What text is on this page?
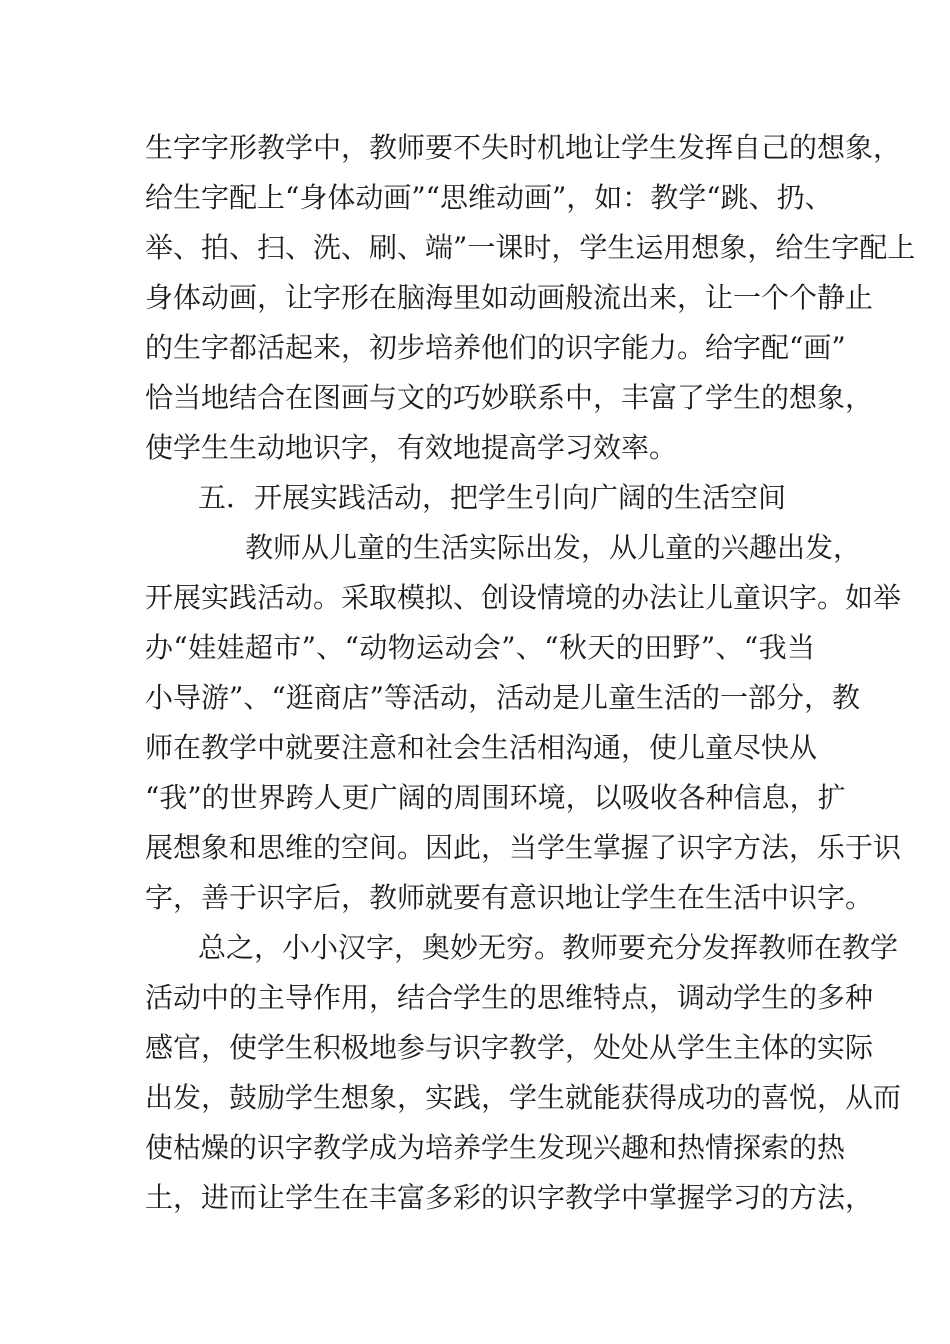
生字字形教学中，教师要不失时机地让学生发挥自己的想象，
给生字配上“身体动画”“思维动画”，如：教学“跳、扔、
举、拍、扫、洗、刷、端”一课时，学生运用想象，给生字配上
身体动画，让字形在脑海里如动画般流出来，让一个个静止
的生字都活起来，初步培养他们的识字能力。给字配“画”
恰当地结合在图画与文的巧妙联系中，丰富了学生的想象，
使学生生动地识字，有效地提高学习效率。
五．开展实践活动，把学生引向广阔的生活空间
教师从儿童的生活实际出发，从儿童的兴趣出发，
开展实践活动。采取模拟、创设情境的办法让儿童识字。如举
办“娃娃超市”、“动物运动会”、“秋天的田野”、“我当
小导游”、“逛商店”等活动，活动是儿童生活的一部分，教
师在教学中就要注意和社会生活相沟通，使儿童尽快从
“我”的世界跨人更广阔的周围环境，以吸收各种信息，扩
展想象和思维的空间。因此，当学生掌握了识字方法，乐于识
字，善于识字后，教师就要有意识地让学生在生活中识字。
总之，小小汉字，奥妙无穷。教师要充分发挥教师在教学
活动中的主导作用，结合学生的思维特点，调动学生的多种
感官，使学生积极地参与识字教学，处处从学生主体的实际
出发，鼓励学生想象，实践，学生就能获得成功的喜悦，从而
使枯燥的识字教学成为培养学生发现兴趣和热情探索的热
土，进而让学生在丰富多彩的识字教学中掌握学习的方法，
